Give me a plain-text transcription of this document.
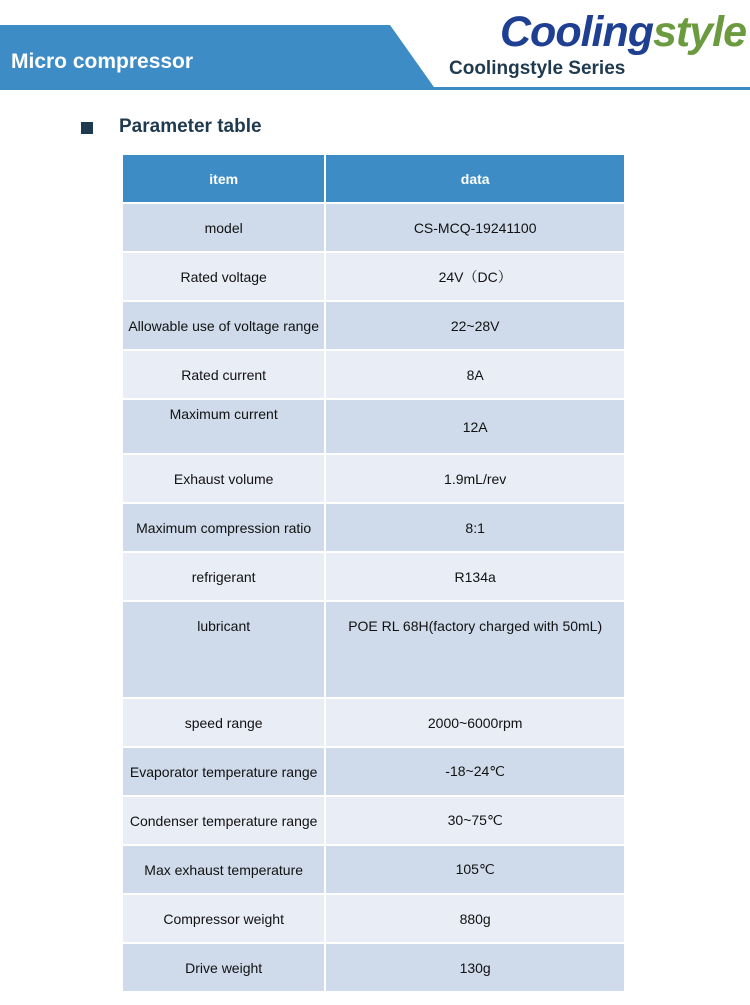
Micro compressor
Coolingstyle
Coolingstyle Series
Parameter table
item	data
model	CS-MCQ-19241100
Rated voltage	24V（DC）
Allowable use of voltage range	22~28V
Rated current	8A
Maximum current	12A
Exhaust volume	1.9mL/rev
Maximum compression ratio	8:1
refrigerant	R134a
lubricant	POE RL 68H(factory charged with 50mL)
speed range	2000~6000rpm
Evaporator temperature range	-18~24℃
Condenser temperature range	30~75℃
Max exhaust temperature	105℃
Compressor weight	880g
Drive weight	130g
